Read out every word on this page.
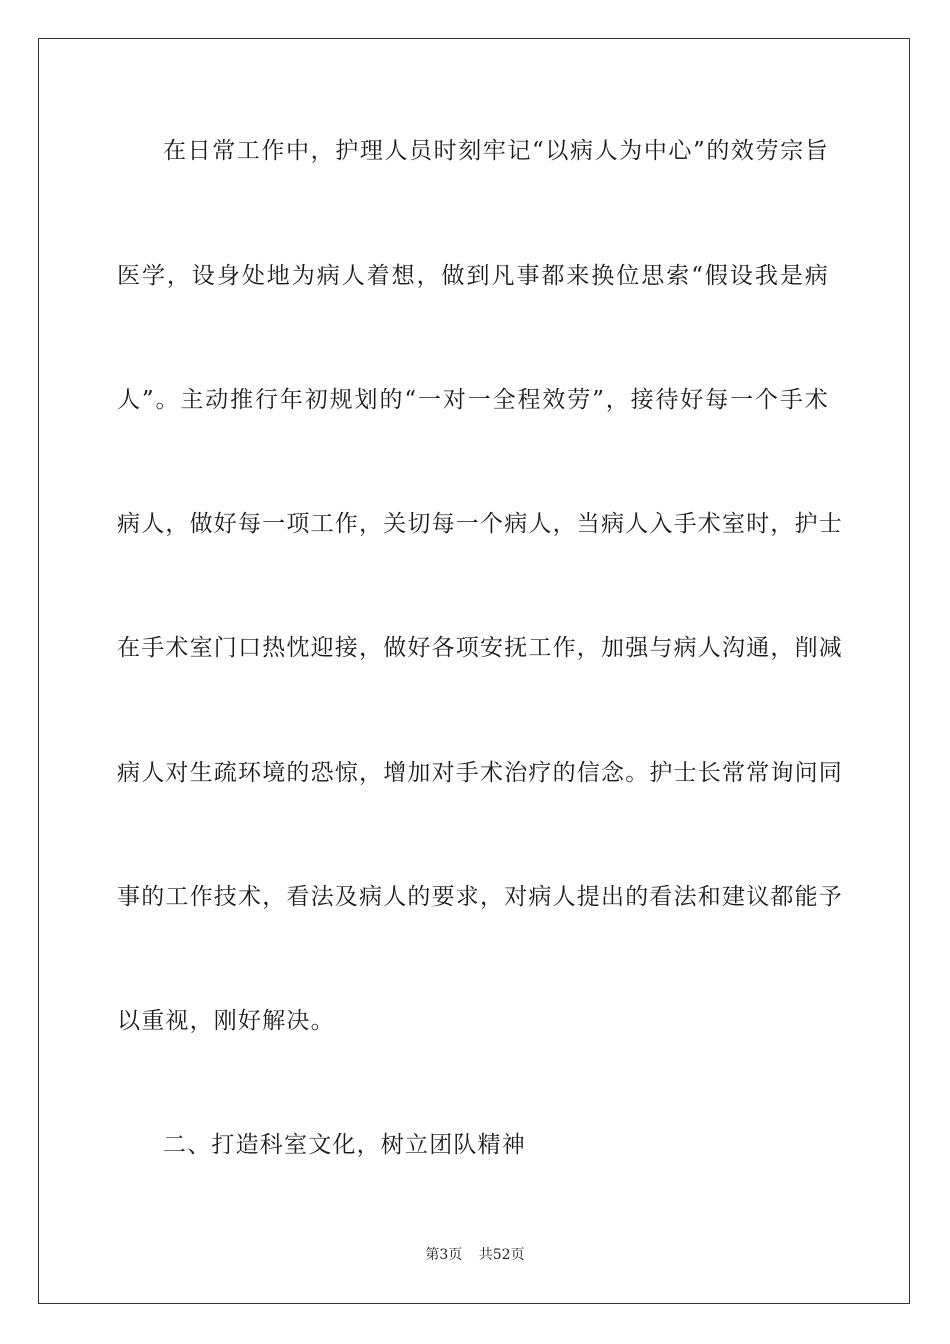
在日常工作中，护理人员时刻牢记“以病人为中心”的效劳宗旨
医学，设身处地为病人着想，做到凡事都来换位思索“假设我是病
人”。主动推行年初规划的“一对一全程效劳”，接待好每一个手术
病人，做好每一项工作，关切每一个病人，当病人入手术室时，护士
在手术室门口热忱迎接，做好各项安抚工作，加强与病人沟通，削减
病人对生疏环境的恐惊，增加对手术治疗的信念。护士长常常询问同
事的工作技术，看法及病人的要求，对病人提出的看法和建议都能予
以重视，刚好解决。
二、打造科室文化，树立团队精神
第3页 共52页
